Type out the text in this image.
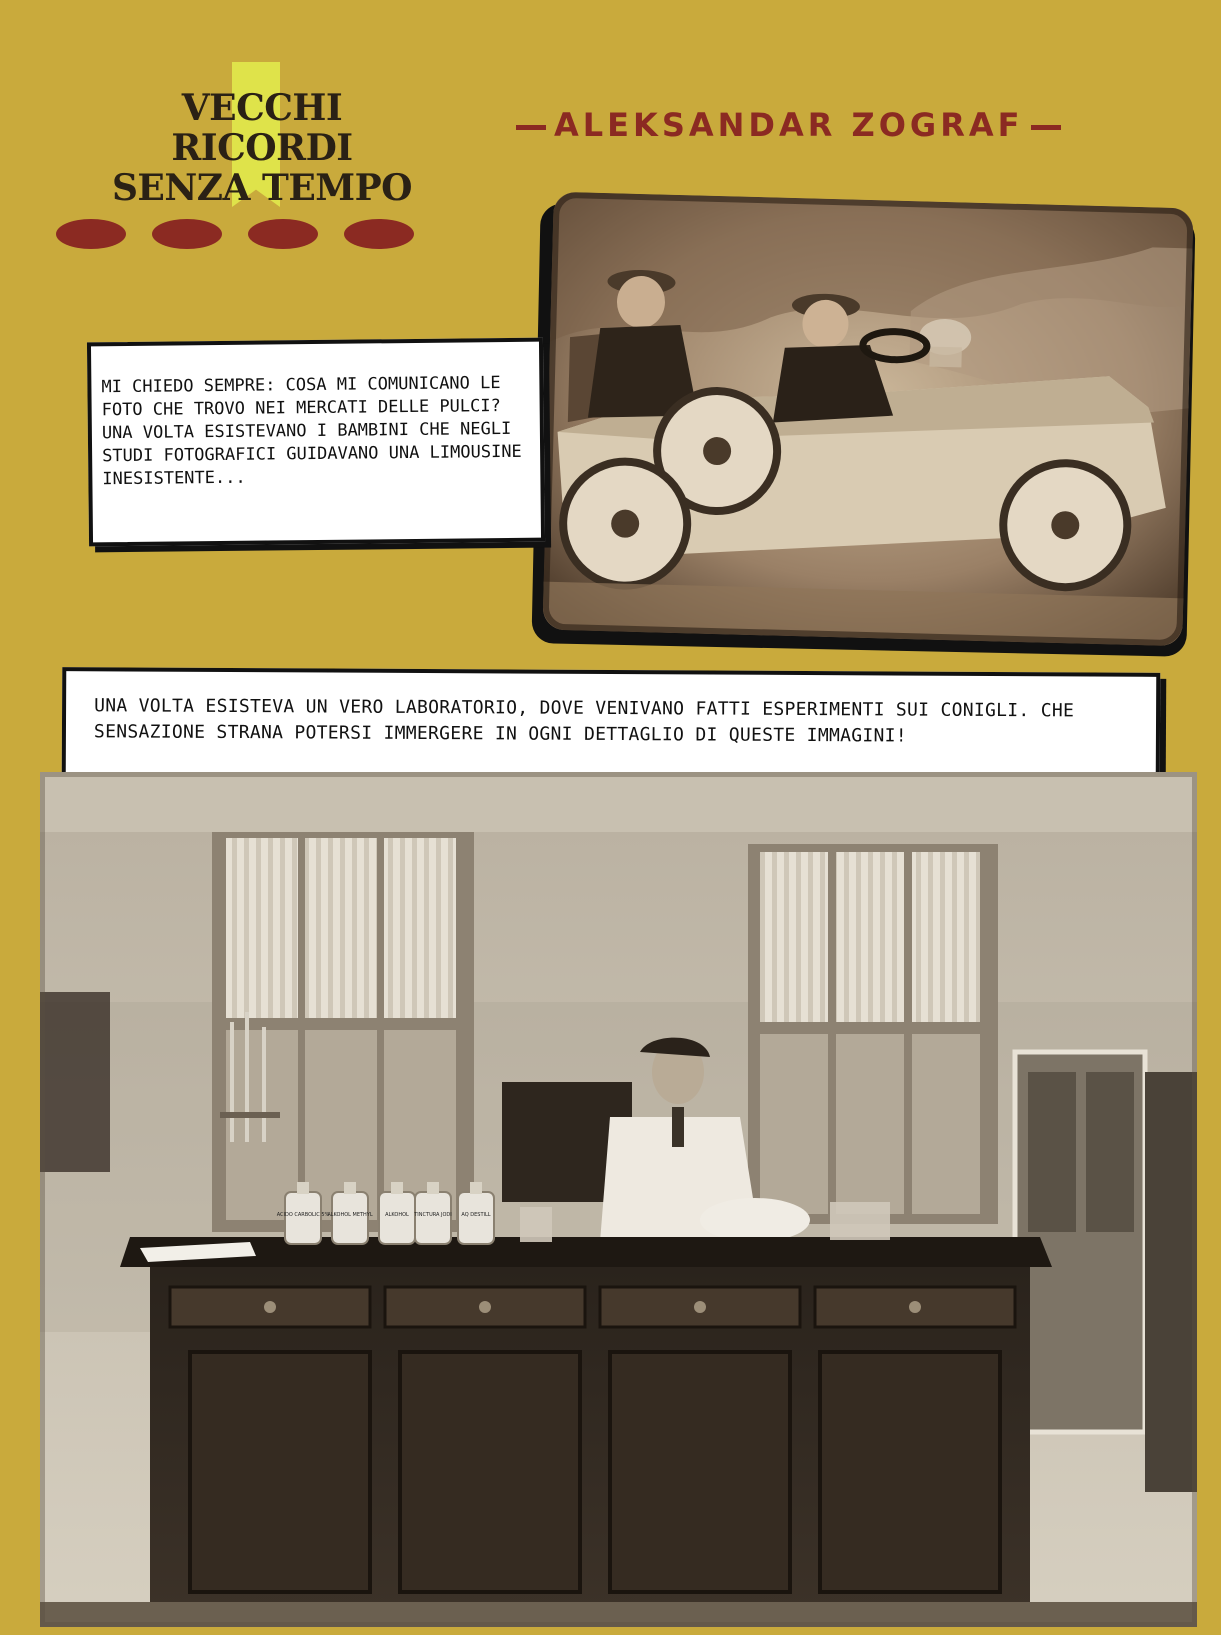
VECCHI RICORDI
SENZA TEMPO
ALEKSANDAR ZOGRAF

MI CHIEDO SEMPRE: COSA MI COMUNICANO LE FOTO CHE TROVO NEI MERCATI DELLE PULCI? UNA VOLTA ESISTEVANO I BAMBINI CHE NEGLI STUDI FOTOGRAFICI GUIDAVANO UNA LIMOUSINE INESISTENTE...

UNA VOLTA ESISTEVA UN VERO LABORATORIO, DOVE VENIVANO FATTI ESPERIMENTI SUI CONIGLI. CHE SENSAZIONE STRANA POTERSI IMMERGERE IN OGNI DETTAGLIO DI QUESTE IMMAGINI!

ACIDO CARBOLIC 5%
ALKOHOL METHYL	ALKOHOL TINCTURA JODI AQ DESTILL
